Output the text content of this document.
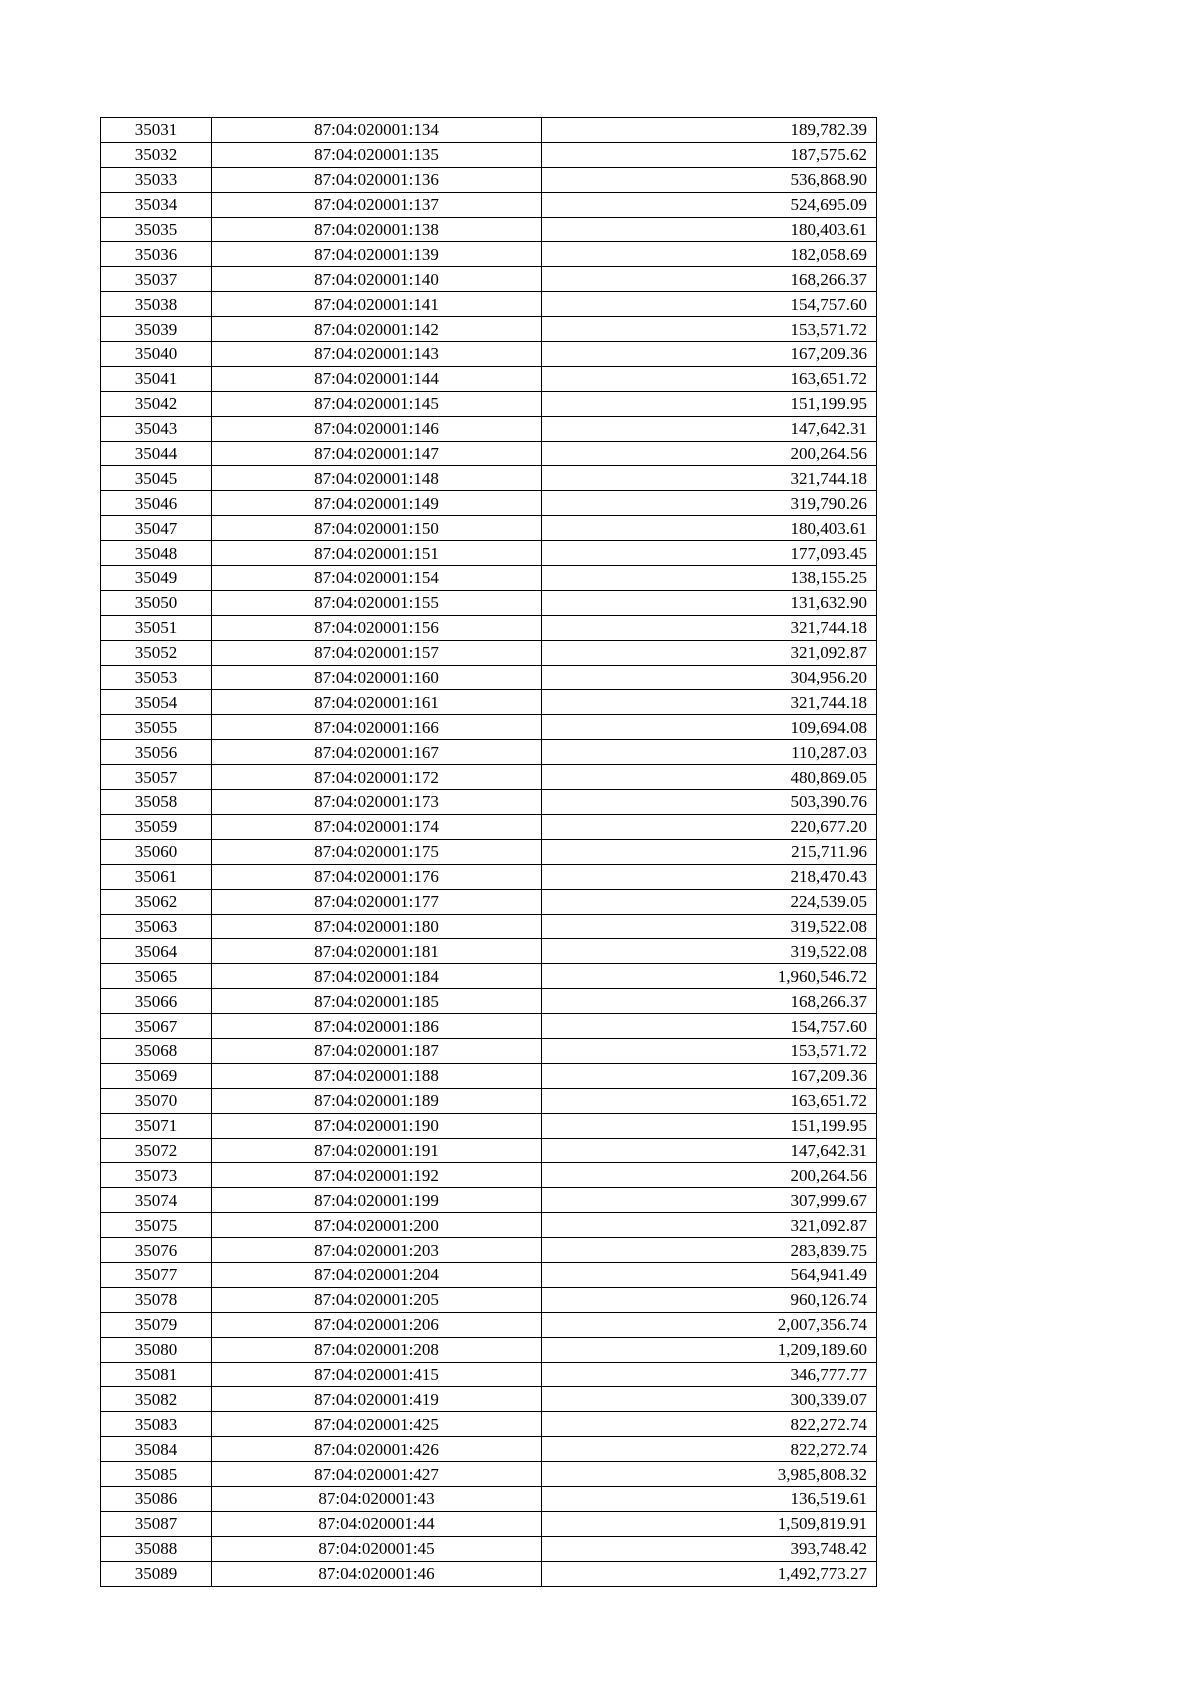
35031	87:04:020001:134	189,782.39
35032	87:04:020001:135	187,575.62
35033	87:04:020001:136	536,868.90
35034	87:04:020001:137	524,695.09
35035	87:04:020001:138	180,403.61
35036	87:04:020001:139	182,058.69
35037	87:04:020001:140	168,266.37
35038	87:04:020001:141	154,757.60
35039	87:04:020001:142	153,571.72
35040	87:04:020001:143	167,209.36
35041	87:04:020001:144	163,651.72
35042	87:04:020001:145	151,199.95
35043	87:04:020001:146	147,642.31
35044	87:04:020001:147	200,264.56
35045	87:04:020001:148	321,744.18
35046	87:04:020001:149	319,790.26
35047	87:04:020001:150	180,403.61
35048	87:04:020001:151	177,093.45
35049	87:04:020001:154	138,155.25
35050	87:04:020001:155	131,632.90
35051	87:04:020001:156	321,744.18
35052	87:04:020001:157	321,092.87
35053	87:04:020001:160	304,956.20
35054	87:04:020001:161	321,744.18
35055	87:04:020001:166	109,694.08
35056	87:04:020001:167	110,287.03
35057	87:04:020001:172	480,869.05
35058	87:04:020001:173	503,390.76
35059	87:04:020001:174	220,677.20
35060	87:04:020001:175	215,711.96
35061	87:04:020001:176	218,470.43
35062	87:04:020001:177	224,539.05
35063	87:04:020001:180	319,522.08
35064	87:04:020001:181	319,522.08
35065	87:04:020001:184	1,960,546.72
35066	87:04:020001:185	168,266.37
35067	87:04:020001:186	154,757.60
35068	87:04:020001:187	153,571.72
35069	87:04:020001:188	167,209.36
35070	87:04:020001:189	163,651.72
35071	87:04:020001:190	151,199.95
35072	87:04:020001:191	147,642.31
35073	87:04:020001:192	200,264.56
35074	87:04:020001:199	307,999.67
35075	87:04:020001:200	321,092.87
35076	87:04:020001:203	283,839.75
35077	87:04:020001:204	564,941.49
35078	87:04:020001:205	960,126.74
35079	87:04:020001:206	2,007,356.74
35080	87:04:020001:208	1,209,189.60
35081	87:04:020001:415	346,777.77
35082	87:04:020001:419	300,339.07
35083	87:04:020001:425	822,272.74
35084	87:04:020001:426	822,272.74
35085	87:04:020001:427	3,985,808.32
35086	87:04:020001:43	136,519.61
35087	87:04:020001:44	1,509,819.91
35088	87:04:020001:45	393,748.42
35089	87:04:020001:46	1,492,773.27
